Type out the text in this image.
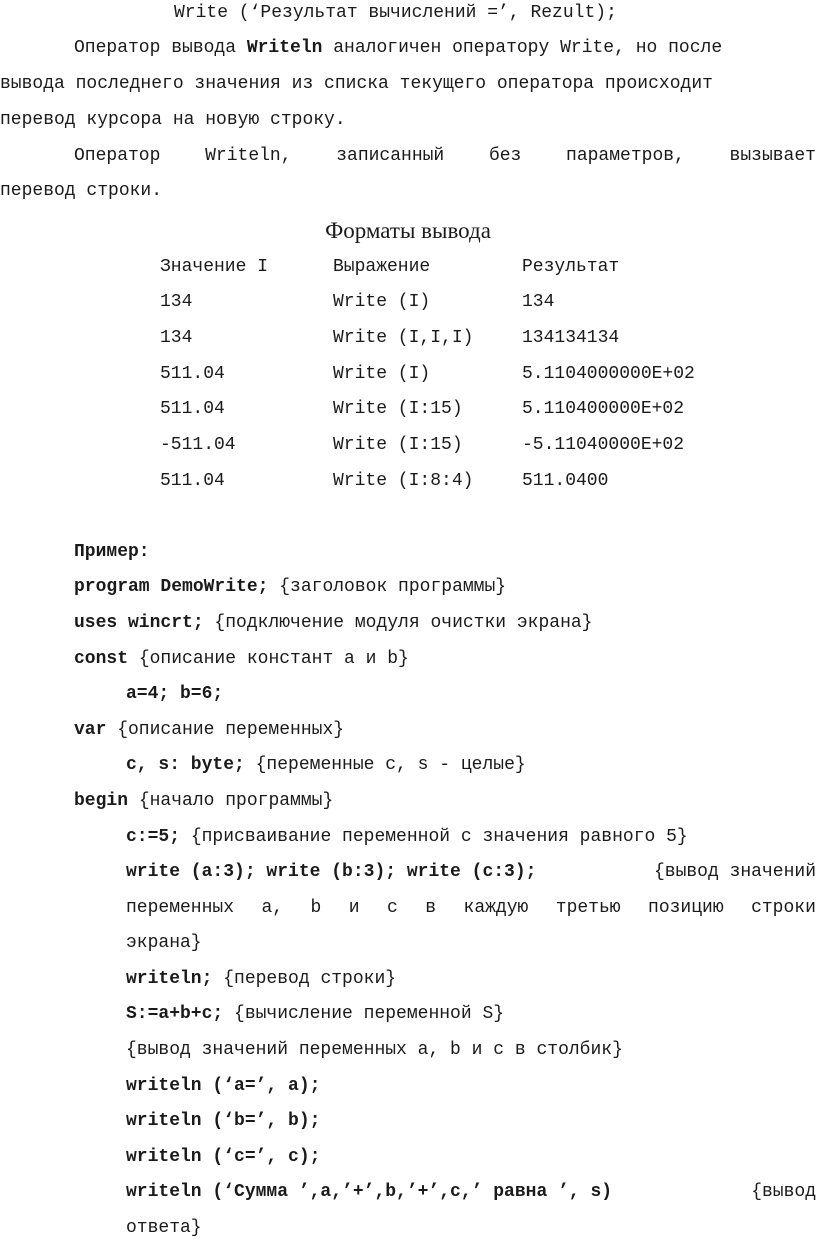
Write (‘Результат вычислений =’, Rezult);
Оператор вывода Writeln аналогичен оператору Write, но после
вывода последнего значения из списка текущего оператора происходит
перевод курсора на новую строку.
Оператор Writeln, записанный без параметров, вызывает
перевод строки.
Форматы вывода
Значение I	Выражение	Результат
134	Write (I)	134
134	Write (I,I,I)	134134134
511.04	Write (I)	5.1104000000E+02
511.04	Write (I:15)	5.110400000E+02
-511.04	Write (I:15)	-5.11040000E+02
511.04	Write (I:8:4)	511.0400
Пример:
program DemoWrite; {заголовок программы}
uses wincrt; {подключение модуля очистки экрана}
const {описание констант a и b}
a=4; b=6;
var {описание переменных}
c, s: byte; {переменные c, s - целые}
begin {начало программы}
c:=5; {присваивание переменной c значения равного 5}
write (a:3); write (b:3); write (c:3);	{вывод значений
переменных a, b и c в каждую третью позицию строки
экрана}
writeln; {перевод строки}
S:=a+b+c; {вычисление переменной S}
{вывод значений переменных a, b и c в столбик}
writeln (‘a=’, a);
writeln (‘b=’, b);
writeln (‘c=’, c);
writeln (‘Сумма ’,a,’+’,b,’+’,c,’ равна ’, s)	{вывод
ответа}
